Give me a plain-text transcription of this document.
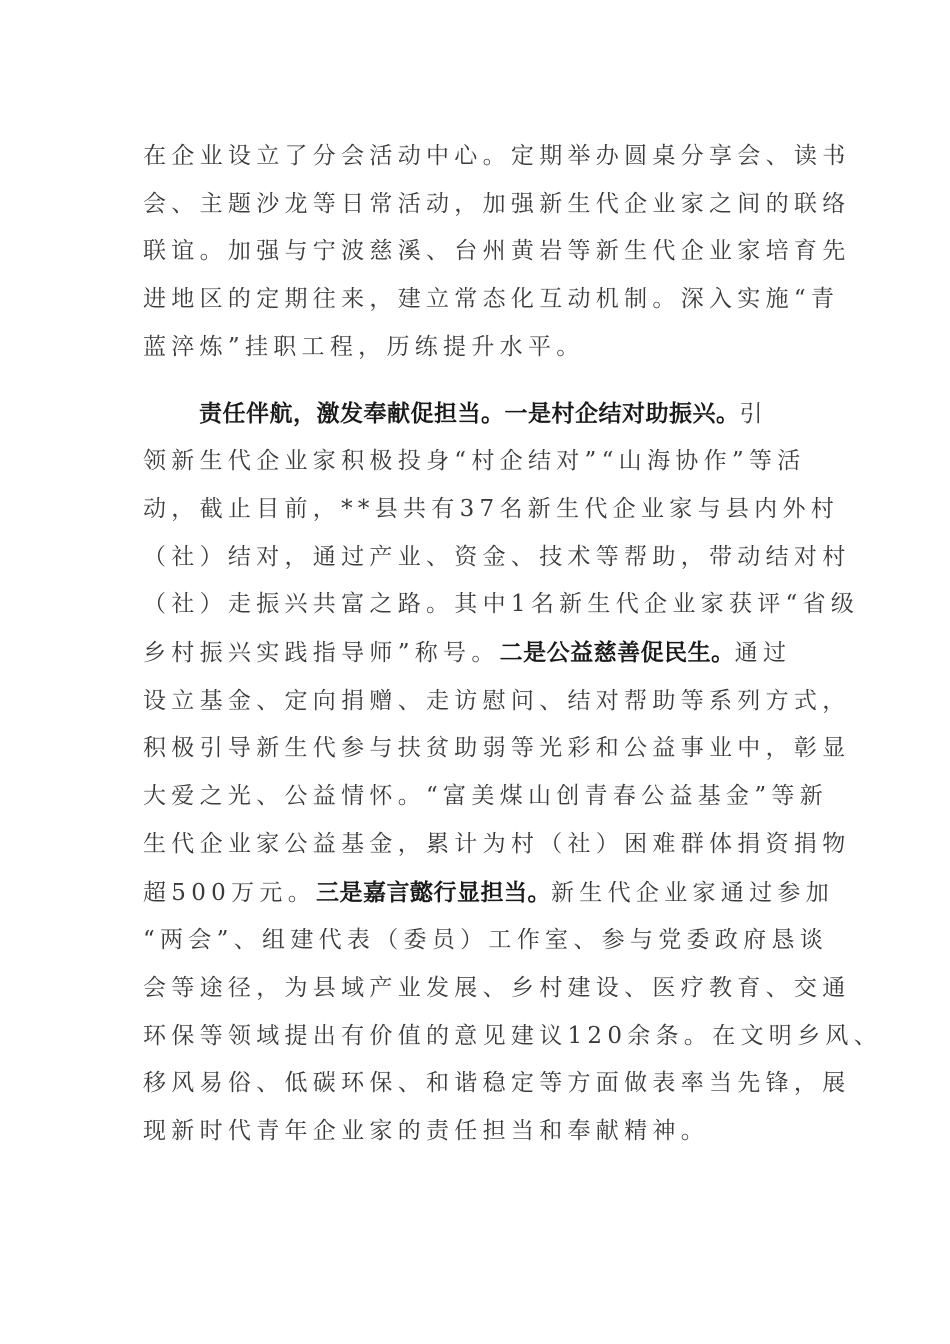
在企业设立了分会活动中心。定期举办圆桌分享会、读书
会、主题沙龙等日常活动，加强新生代企业家之间的联络
联谊。加强与宁波慈溪、台州黄岩等新生代企业家培育先
进地区的定期往来，建立常态化互动机制。深入实施“青
蓝淬炼”挂职工程，历练提升水平。
责任伴航，激发奉献促担当。一是村企结对助振兴。引
领新生代企业家积极投身“村企结对”“山海协作”等活
动，截止目前，**县共有37名新生代企业家与县内外村
（社）结对，通过产业、资金、技术等帮助，带动结对村
（社）走振兴共富之路。其中1名新生代企业家获评“省级
乡村振兴实践指导师”称号。二是公益慈善促民生。通过
设立基金、定向捐赠、走访慰问、结对帮助等系列方式，
积极引导新生代参与扶贫助弱等光彩和公益事业中，彰显
大爱之光、公益情怀。“富美煤山创青春公益基金”等新
生代企业家公益基金，累计为村（社）困难群体捐资捐物
超500万元。三是嘉言懿行显担当。新生代企业家通过参加
“两会”、组建代表（委员）工作室、参与党委政府恳谈
会等途径，为县域产业发展、乡村建设、医疗教育、交通
环保等领域提出有价值的意见建议120余条。在文明乡风、
移风易俗、低碳环保、和谐稳定等方面做表率当先锋，展
现新时代青年企业家的责任担当和奉献精神。
